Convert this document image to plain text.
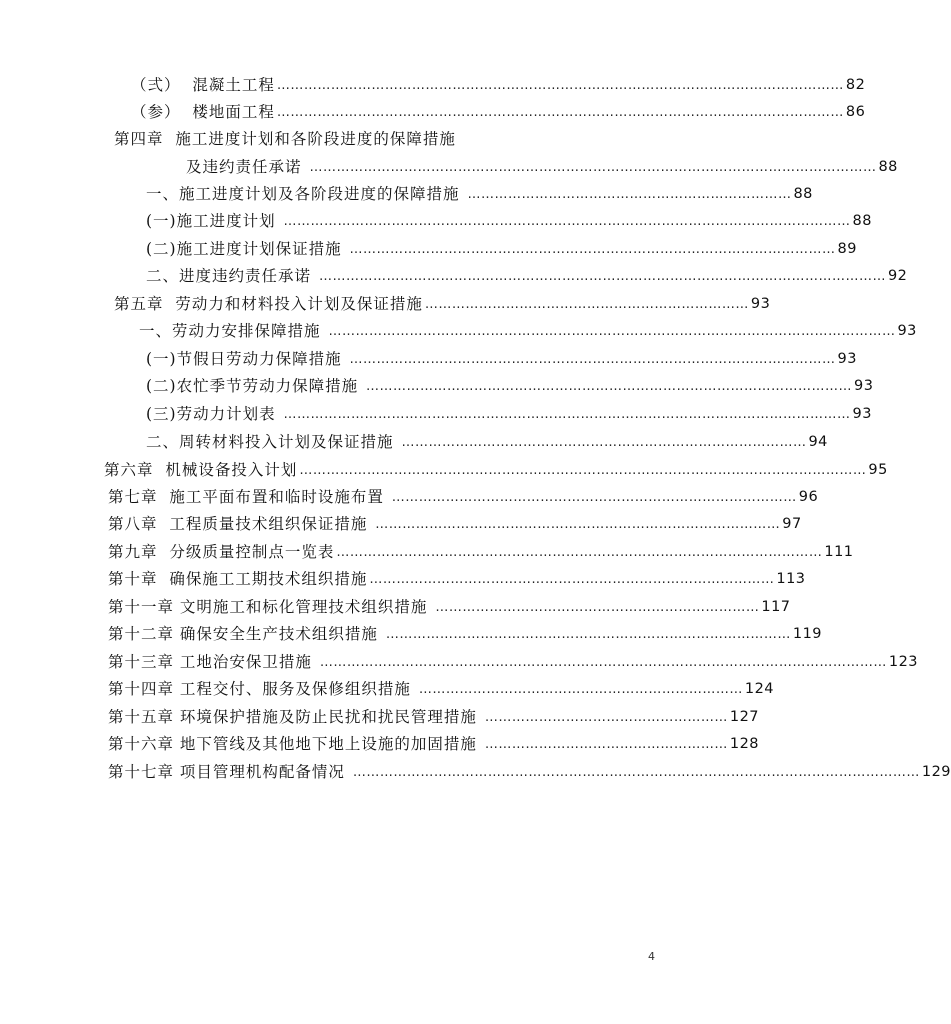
（弍）  混凝土工程 ……………………………………………………………………………………………………………… 82
（参）  楼地面工程 ……………………………………………………………………………………………………………… 86
第四章  施工进度计划和各阶段进度的保障措施
及违约责任承诺 ……………………………………………………………………………………………………………… 88
一、施工进度计划及各阶段进度的保障措施 ……………………………………………………………… 88
(一)施工进度计划 ……………………………………………………………………………………………………………… 88
(二)施工进度计划保证措施 ……………………………………………………………………………………………… 89
二、进度违约责任承诺 ……………………………………………………………………………………………………………… 92
第五章  劳动力和材料投入计划及保证措施 ……………………………………………………………… 93
一、劳动力安排保障措施 ……………………………………………………………………………………………………………… 93
(一)节假日劳动力保障措施 ……………………………………………………………………………………………… 93
(二)农忙季节劳动力保障措施 ……………………………………………………………………………………………… 93
(三)劳动力计划表 ……………………………………………………………………………………………………………… 93
二、周转材料投入计划及保证措施 ……………………………………………………………………………… 94
第六章  机械设备投入计划 ……………………………………………………………………………………………………………… 95
第七章  施工平面布置和临时设施布置 ……………………………………………………………………………… 96
第八章  工程质量技术组织保证措施 ……………………………………………………………………………… 97
第九章  分级质量控制点一览表 ……………………………………………………………………………………………… 111
第十章  确保施工工期技术组织措施 ……………………………………………………………………………… 113
第十一章 文明施工和标化管理技术组织措施 ……………………………………………………………… 117
第十二章 确保安全生产技术组织措施 ……………………………………………………………………………… 119
第十三章 工地治安保卫措施 ……………………………………………………………………………………………………………… 123
第十四章 工程交付、服务及保修组织措施 ……………………………………………………………… 124
第十五章 环境保护措施及防止民扰和扰民管理措施 ……………………………………………… 127
第十六章 地下管线及其他地下地上设施的加固措施 ……………………………………………… 128
第十七章 项目管理机构配备情况 ……………………………………………………………………………………………………………… 129
4
